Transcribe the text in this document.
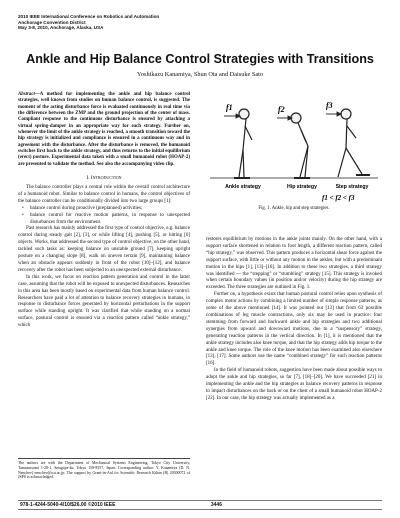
2010 IEEE International Conference on Robotics and Automation
Anchorage Convention District
May 3-8, 2010, Anchorage, Alaska, USA
Ankle and Hip Balance Control Strategies with Transitions
Yoshikazu Kanamiya, Shun Ota and Daisuke Sato
Abstract—A method for implementing the ankle and hip balance control strategies, well known from studies on human balance control, is suggested. The moment of the acting disturbance force is evaluated continuously in real time via the difference between the ZMP and the ground projection of the center of mass. Compliant response to the continuous disturbance is ensured by attaching a virtual spring-damper in an appropriate way for each strategy. Further on, whenever the limit of the ankle strategy is reached, a smooth transition toward the hip strategy is initialized and compliance is ensured in a continuous way and in agreement with the disturbance. After the disturbance is removed, the humanoid switches first back to the ankle strategy, and thus returns to the initial equilibrium (erect) posture. Experimental data taken with a small humanoid robot (HOAP-2) are presented to validate the method. See also the accompanying video clip.
I. Introduction

The balance controller plays a central role within the overall control architecture of a humanoid robot. Similar to balance control in humans, the control objectives of the balance controller can be conditionally divided into two large groups [1]:

• balance control during proactive (preplanned) activities;
• balance control for reactive motion patterns, in response to unexpected disturbances from the environment.

Past research has mainly addressed the first type of control objective, e.g. balance control during steady gait [2], [3], or while lifting [4], pushing [5], or hitting [6] objects. Works, that addressed the second type of control objective, on the other hand, tackled such tasks as: keeping balance on unstable ground [7], keeping upright posture on a changing slope [8], walk on uneven terrain [9], maintaining balance when an obstacle appears suddenly in front of the robot [10]–[12], and balance recovery after the robot has been subjected to an unexpected external disturbance.

In this work, we focus on reaction pattern generation and control in the latter case, assuming that the robot will be exposed to unexpected disturbances. Researches in this area has been mostly based on experimental data from human balance control. Researchers have paid a lot of attention to balance recovery strategies in humans, in response to disturbance forces generated by horizontal perturbations in the support surface while standing upright. It was clarified that while standing on a normal surface, postural control is ensured via a reaction pattern called “ankle strategy,” which

The authors are with the Department of Mechanical Systems Engineering, Tokyo City University, Tamazutsumi 1-28-1, Setagaya-ku, Tokyo 158-8557, Japan. Corresponding author: Y. Kanamiya (D. N. Nenchev) nenchev@tcu.ac.jp. The support by Grant-in-Aid for Scientific Research Kiban (B) 20300072 of JSPS is acknowledged.
f1	f2	f3
Ankle strategy	Hip strategy	Step strategy
f1 < f2 < f3
Fig. 1. Ankle, hip and step strategies.

restores equilibrium by motions in the ankle joints mainly. On the other hand, with a support surface shortened in relation to foot length, a different reaction pattern, called “hip strategy,” was observed. This pattern produces a horizontal shear force against the support surface, with little or without any motion in the ankles, but with a predominant motion in the hips [1], [13]–[16]. In addition to these two strategies, a third strategy was identified — the “stepping” or “stumbling” strategy [15]. This strategy is invoked when certain boundary values (in position and/or velocity) during the hip strategy are exceeded. The three strategies are outlined in Fig. 1.

Further on, a hypothesis exists that human postural control relies upon synthesis of complex motor actions by combining a limited number of simple response patterns, as some of the above mentioned [14]. It was pointed out [13] that from 63 possible combinations of leg muscle contractions, only six may be used in practice: four stemming from forward and backward ankle and hip strategies and two additional synergies from upward and downward motions, due to a “suspensory” strategy, generating reaction patterns in the vertical direction. In [1], it is mentioned that the ankle strategy includes also knee torque, and that the hip strategy adds hip torque to the ankle and knee torque. The role of the knee motion has been examined also elsewhere [13], [17]. Some authors use the name “combined strategy” for such reaction patterns [16].

In the field of humanoid robots, suggestion have been made about possible ways to adopt the ankle and hip strategies, so far [7], [18]–[20]. We have succeeded [21] in implementing the ankle and the hip strategies as balance recovery patterns in response to impact disturbances on the back or on the chest of a small humanoid robot HOAP-2 [22]. In our case, the hip strategy was actually implemented as a

978-1-4244-5040-4/10/$26.00 ©2010 IEEE	3446
